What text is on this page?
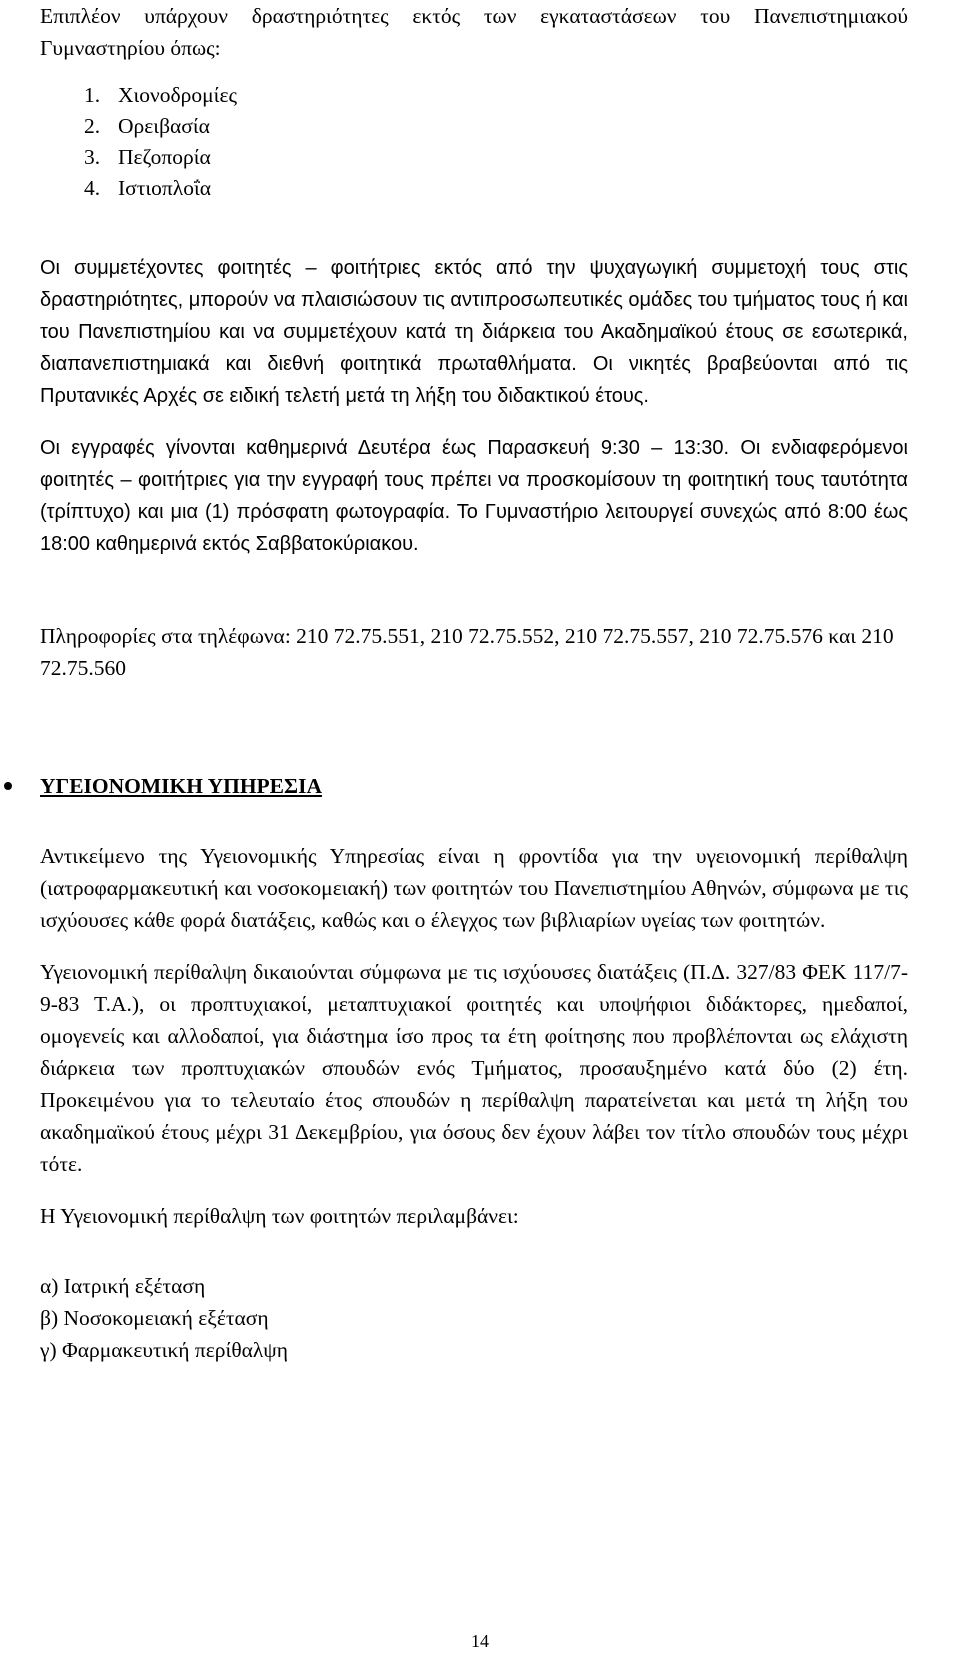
Επιπλέον υπάρχουν δραστηριότητες εκτός των εγκαταστάσεων του Πανεπιστημιακού Γυμναστηρίου όπως:

1. Χιονοδρομίες
2. Ορειβασία
3. Πεζοπορία
4. Ιστιοπλοΐα

Οι συμμετέχοντες φοιτητές – φοιτήτριες εκτός από την ψυχαγωγική συμμετοχή τους στις δραστηριότητες, μπορούν να πλαισιώσουν τις αντιπροσωπευτικές ομάδες του τμήματος τους ή και του Πανεπιστημίου και να συμμετέχουν κατά τη διάρκεια του Ακαδημαϊκού έτους σε εσωτερικά, διαπανεπιστημιακά και διεθνή φοιτητικά πρωταθλήματα. Οι νικητές βραβεύονται από τις Πρυτανικές Αρχές σε ειδική τελετή μετά τη λήξη του διδακτικού έτους.

Οι εγγραφές γίνονται καθημερινά Δευτέρα έως Παρασκευή 9:30 – 13:30. Οι ενδιαφερόμενοι φοιτητές – φοιτήτριες για την εγγραφή τους πρέπει να προσκομίσουν τη φοιτητική τους ταυτότητα (τρίπτυχο) και μια (1) πρόσφατη φωτογραφία. Το Γυμναστήριο λειτουργεί συνεχώς από 8:00 έως 18:00 καθημερινά εκτός Σαββατοκύριακου.

Πληροφορίες στα τηλέφωνα: 210 72.75.551, 210 72.75.552, 210 72.75.557, 210 72.75.576 και 210 72.75.560

ΥΓΕΙΟΝΟΜΙΚΗ ΥΠΗΡΕΣΙΑ

Αντικείμενο της Υγειονομικής Υπηρεσίας είναι η φροντίδα για την υγειονομική περίθαλψη (ιατροφαρμακευτική και νοσοκομειακή) των φοιτητών του Πανεπιστημίου Αθηνών, σύμφωνα με τις ισχύουσες κάθε φορά διατάξεις, καθώς και ο έλεγχος των βιβλιαρίων υγείας των φοιτητών.

Υγειονομική περίθαλψη δικαιούνται σύμφωνα με τις ισχύουσες διατάξεις (Π.Δ. 327/83 ΦΕΚ 117/7-9-83 Τ.Α.), οι προπτυχιακοί, μεταπτυχιακοί φοιτητές και υποψήφιοι διδάκτορες, ημεδαποί, ομογενείς και αλλοδαποί, για διάστημα ίσο προς τα έτη φοίτησης που προβλέπονται ως ελάχιστη διάρκεια των προπτυχιακών σπουδών ενός Τμήματος, προσαυξημένο κατά δύο (2) έτη. Προκειμένου για το τελευταίο έτος σπουδών η περίθαλψη παρατείνεται και μετά τη λήξη του ακαδημαϊκού έτους μέχρι 31 Δεκεμβρίου, για όσους δεν έχουν λάβει τον τίτλο σπουδών τους μέχρι τότε.

Η Υγειονομική περίθαλψη των φοιτητών περιλαμβάνει:

α) Ιατρική εξέταση
β) Νοσοκομειακή εξέταση
γ) Φαρμακευτική περίθαλψη
14
